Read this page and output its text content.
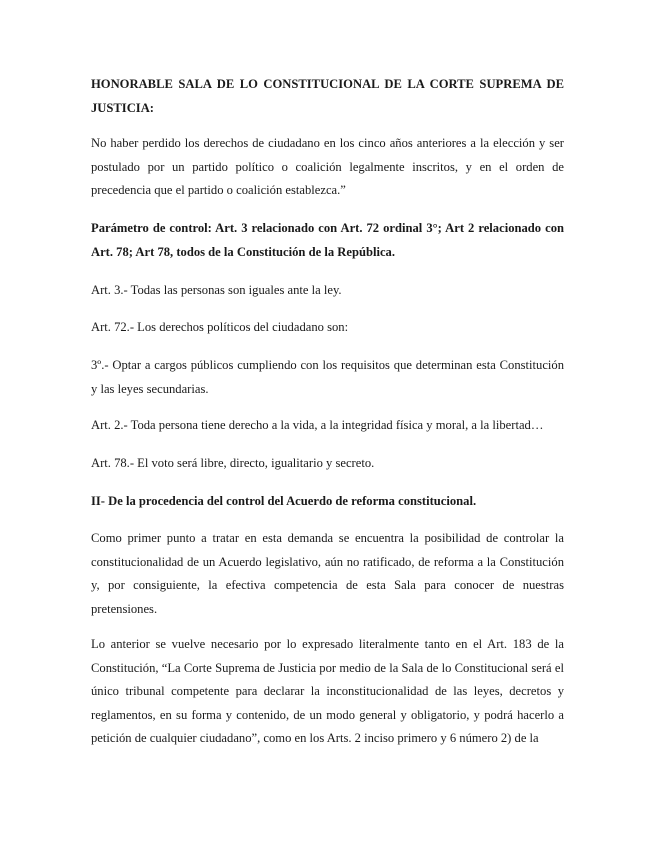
HONORABLE SALA DE LO CONSTITUCIONAL DE LA CORTE SUPREMA DE JUSTICIA:

No haber perdido los derechos de ciudadano en los cinco años anteriores a la elección y ser postulado por un partido político o coalición legalmente inscritos, y en el orden de precedencia que el partido o coalición establezca.”

Parámetro de control: Art. 3 relacionado con Art. 72 ordinal 3°; Art 2 relacionado con Art. 78; Art 78, todos de la Constitución de la República.

Art. 3.- Todas las personas son iguales ante la ley.

Art. 72.- Los derechos políticos del ciudadano son:

3º.- Optar a cargos públicos cumpliendo con los requisitos que determinan esta Constitución y las leyes secundarias.

Art. 2.- Toda persona tiene derecho a la vida, a la integridad física y moral, a la libertad…

Art. 78.- El voto será libre, directo, igualitario y secreto.

II- De la procedencia del control del Acuerdo de reforma constitucional.

Como primer punto a tratar en esta demanda se encuentra la posibilidad de controlar la constitucionalidad de un Acuerdo legislativo, aún no ratificado, de reforma a la Constitución y, por consiguiente, la efectiva competencia de esta Sala para conocer de nuestras pretensiones.

Lo anterior se vuelve necesario por lo expresado literalmente tanto en el Art. 183 de la Constitución, “La Corte Suprema de Justicia por medio de la Sala de lo Constitucional será el único tribunal competente para declarar la inconstitucionalidad de las leyes, decretos y reglamentos, en su forma y contenido, de un modo general y obligatorio, y podrá hacerlo a petición de cualquier ciudadano”, como en los Arts. 2 inciso primero y 6 número 2) de la
